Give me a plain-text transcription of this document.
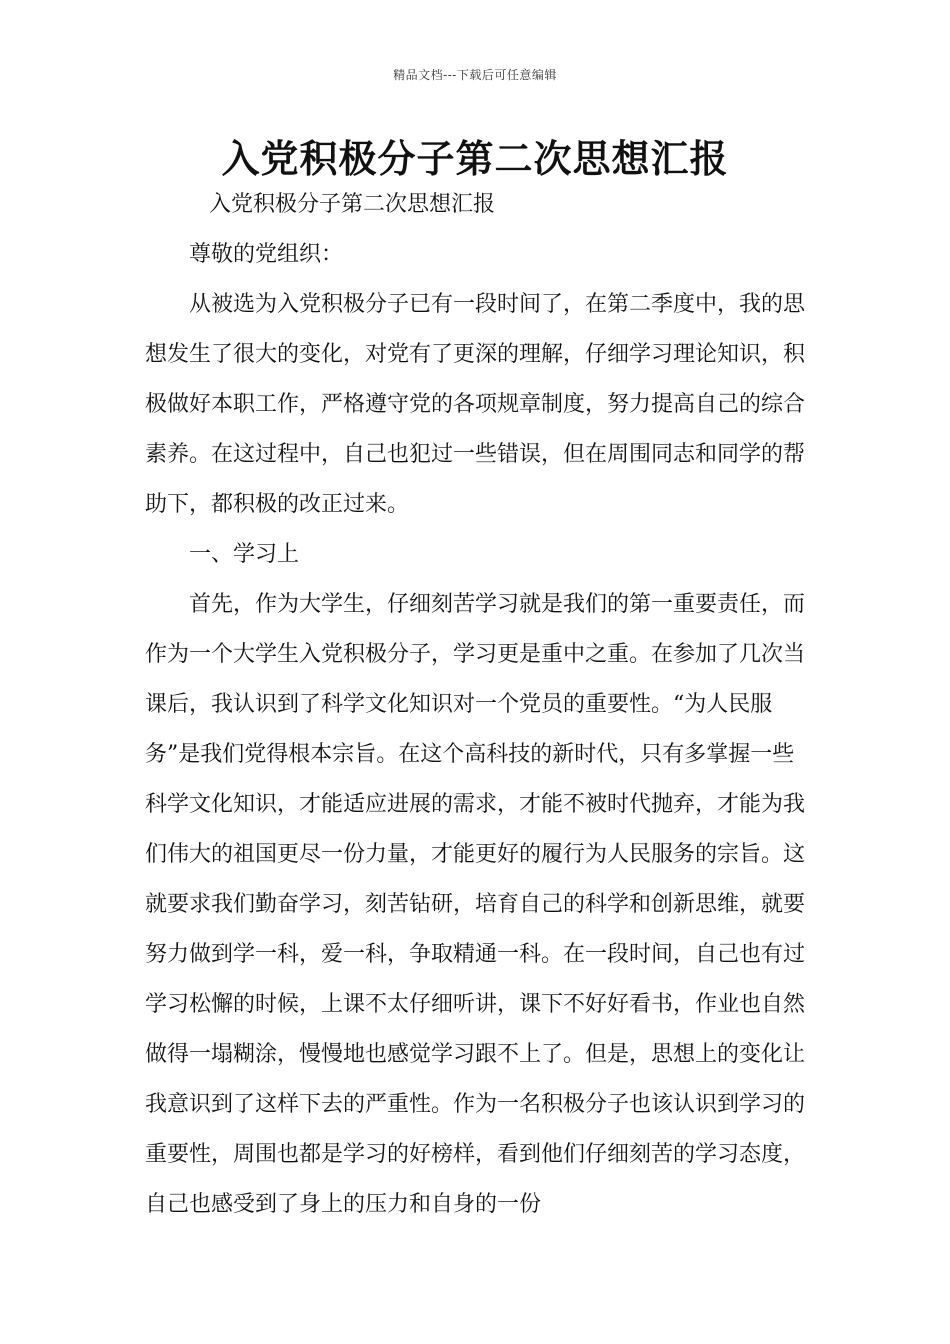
精品文档---下载后可任意编辑
入党积极分子第二次思想汇报

入党积极分子第二次思想汇报

尊敬的党组织：

从被选为入党积极分子已有一段时间了，在第二季度中，我的思想发生了很大的变化，对党有了更深的理解，仔细学习理论知识，积极做好本职工作，严格遵守党的各项规章制度，努力提高自己的综合素养。在这过程中，自己也犯过一些错误，但在周围同志和同学的帮助下，都积极的改正过来。

一、学习上

首先，作为大学生，仔细刻苦学习就是我们的第一重要责任，而作为一个大学生入党积极分子，学习更是重中之重。在参加了几次当课后，我认识到了科学文化知识对一个党员的重要性。“为人民服务”是我们党得根本宗旨。在这个高科技的新时代，只有多掌握一些科学文化知识，才能适应进展的需求，才能不被时代抛弃，才能为我们伟大的祖国更尽一份力量，才能更好的履行为人民服务的宗旨。这就要求我们勤奋学习，刻苦钻研，培育自己的科学和创新思维，就要努力做到学一科，爱一科，争取精通一科。在一段时间，自己也有过学习松懈的时候，上课不太仔细听讲，课下不好好看书，作业也自然做得一塌糊涂，慢慢地也感觉学习跟不上了。但是，思想上的变化让我意识到了这样下去的严重性。作为一名积极分子也该认识到学习的重要性，周围也都是学习的好榜样，看到他们仔细刻苦的学习态度，自己也感受到了身上的压力和自身的一份
